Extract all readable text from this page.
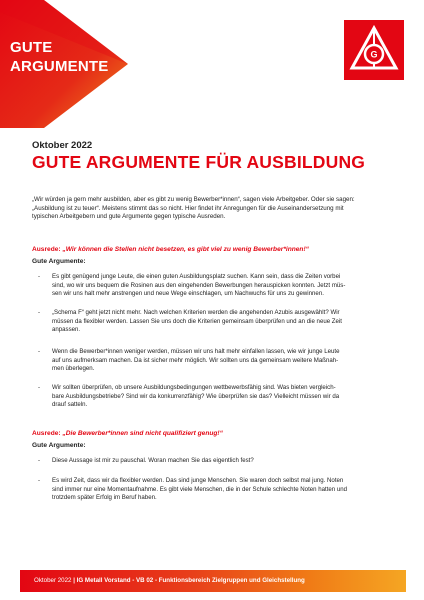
GUTE
ARGUMENTE
G
Oktober 2022
GUTE ARGUMENTE FÜR AUSBILDUNG
„Wir würden ja gern mehr ausbilden, aber es gibt zu wenig Bewerber*innen“, sagen viele Arbeitgeber. Oder sie sagen:
„Ausbildung ist zu teuer“. Meistens stimmt das so nicht. Hier findet ihr Anregungen für die Auseinandersetzung mit
typischen Arbeitgebern und gute Argumente gegen typische Ausreden.
Ausrede: „Wir können die Stellen nicht besetzen, es gibt viel zu wenig Bewerber*innen!“
Gute Argumente:
- Es gibt genügend junge Leute, die einen guten Ausbildungsplatz suchen. Kann sein, dass die Zeiten vorbei
sind, wo wir uns bequem die Rosinen aus den eingehenden Bewerbungen herauspicken konnten. Jetzt müs-
sen wir uns halt mehr anstrengen und neue Wege einschlagen, um Nachwuchs für uns zu gewinnen.
- „Schema F“ geht jetzt nicht mehr. Nach welchen Kriterien werden die angehenden Azubis ausgewählt? Wir
müssen da flexibler werden. Lassen Sie uns doch die Kriterien gemeinsam überprüfen und an die neue Zeit
anpassen.
- Wenn die Bewerber*innen weniger werden, müssen wir uns halt mehr einfallen lassen, wie wir junge Leute
auf uns aufmerksam machen. Da ist sicher mehr möglich. Wir sollten uns da gemeinsam weitere Maßnah-
men überlegen.
- Wir sollten überprüfen, ob unsere Ausbildungsbedingungen wettbewerbsfähig sind. Was bieten vergleich-
bare Ausbildungsbetriebe? Sind wir da konkurrenzfähig? Wie überprüfen sie das? Vielleicht müssen wir da
drauf satteln.
Ausrede: „Die Bewerber*innen sind nicht qualifiziert genug!“
Gute Argumente:
- Diese Aussage ist mir zu pauschal. Woran machen Sie das eigentlich fest?
- Es wird Zeit, dass wir da flexibler werden. Das sind junge Menschen. Sie waren doch selbst mal jung. Noten
sind immer nur eine Momentaufnahme. Es gibt viele Menschen, die in der Schule schlechte Noten hatten und
trotzdem später Erfolg im Beruf haben.
Oktober 2022 | IG Metall Vorstand - VB 02 - Funktionsbereich Zielgruppen und Gleichstellung
